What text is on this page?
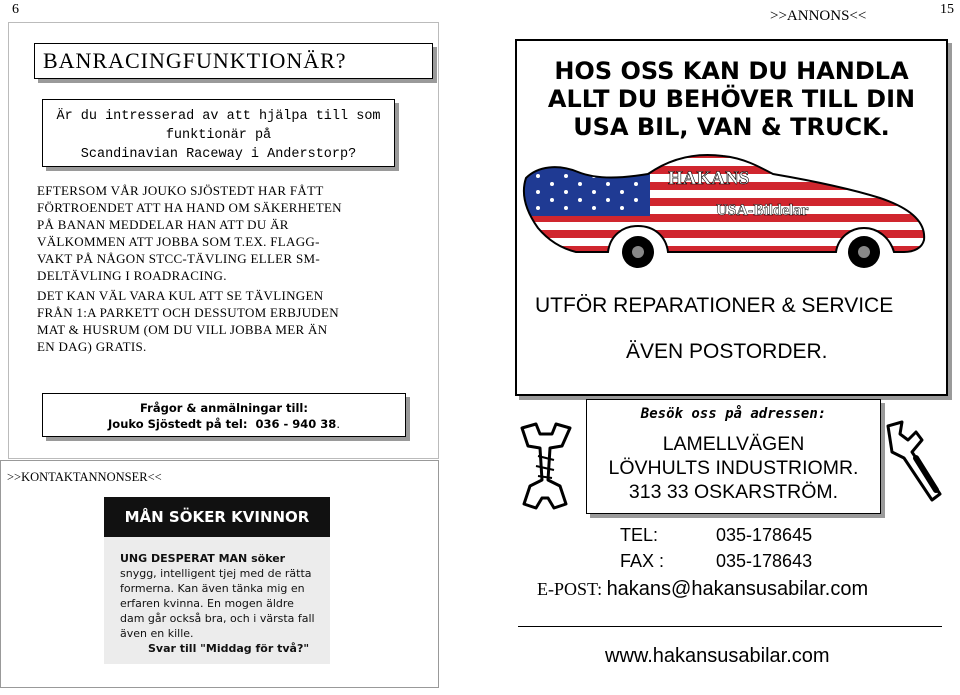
6	15
BANRACINGFUNKTIONÄR?
Är du intresserad av att hjälpa till som
funktionär på
Scandinavian Raceway i Anderstorp?
EFTERSOM VÅR JOUKO SJÖSTEDT HAR FÅTT
FÖRTROENDET ATT HA HAND OM SÄKERHETEN
PÅ BANAN MEDDELAR HAN ATT DU ÄR
VÄLKOMMEN ATT JOBBA SOM T.EX. FLAGG-
VAKT PÅ NÅGON STCC-TÄVLING ELLER SM-
DELTÄVLING I ROADRACING.
DET KAN VÄL VARA KUL ATT SE TÄVLINGEN
FRÅN 1:A PARKETT OCH DESSUTOM ERBJUDEN
MAT & HUSRUM (OM DU VILL JOBBA MER ÄN
EN DAG) GRATIS.
Frågor & anmälningar till:
Jouko Sjöstedt på tel: 036 - 940 38.
>>KONTAKTANNONSER<<
MÅN SÖKER KVINNOR
UNG DESPERAT MAN söker
snygg, intelligent tjej med de rätta
formerna. Kan även tänka mig en
erfaren kvinna. En mogen äldre
dam går också bra, och i värsta fall
även en kille.
Svar till "Middag för två?"
>>ANNONS<<
HOS OSS KAN DU HANDLA
ALLT DU BEHÖVER TILL DIN
USA BIL, VAN & TRUCK.
HAKANS
USA-Bildelar
UTFÖR REPARATIONER & SERVICE
ÄVEN POSTORDER.
Besök oss på adressen:
LAMELLVÄGEN
LÖVHULTS INDUSTRIOMR.
313 33 OSKARSTRÖM.
TEL:	035-178645
FAX :	035-178643
E-POST: hakans@hakansusabilar.com
www.hakansusabilar.com
